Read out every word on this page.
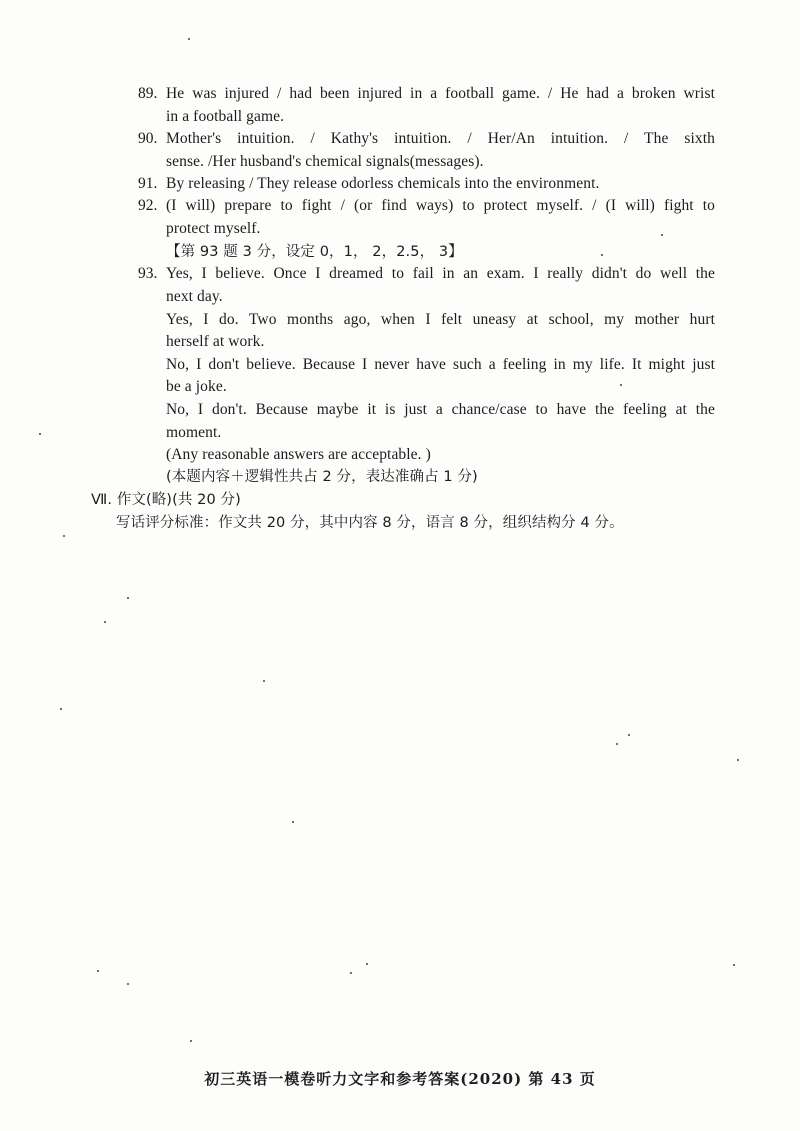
89. He was injured / had been injured in a football game. / He had a broken wrist
in a football game.
90. Mother's intuition. / Kathy's intuition. / Her/An intuition. / The sixth
sense. /Her husband's chemical signals(messages).
91. By releasing / They release odorless chemicals into the environment.
92. (I will) prepare to fight / (or find ways) to protect myself. / (I will) fight to
protect myself.
【第 93 题 3 分，设定 0，1， 2，2.5， 3】
93. Yes, I believe. Once I dreamed to fail in an exam. I really didn't do well the
next day.
Yes, I do. Two months ago, when I felt uneasy at school, my mother hurt
herself at work.
No, I don't believe. Because I never have such a feeling in my life. It might just
be a joke.
No, I don't. Because maybe it is just a chance/case to have the feeling at the
moment.
(Any reasonable answers are acceptable. )
(本题内容＋逻辑性共占 2 分，表达准确占 1 分)
Ⅶ. 作文(略)(共 20 分)
写话评分标准：作文共 20 分，其中内容 8 分，语言 8 分，组织结构分 4 分。
初三英语一模卷听力文字和参考答案(2020) 第 43 页
